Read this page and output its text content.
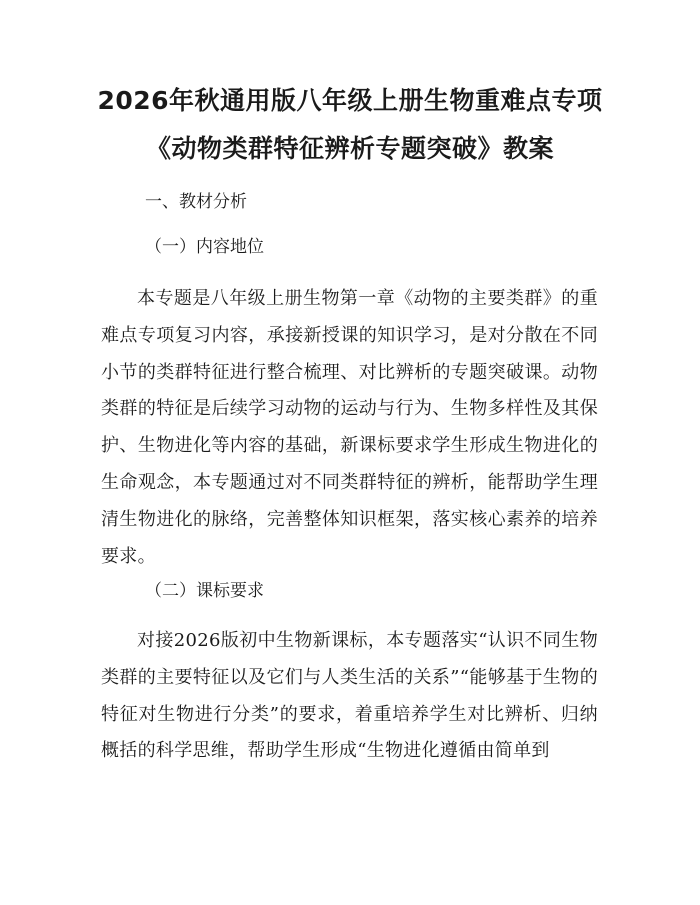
2026年秋通用版八年级上册生物重难点专项
《动物类群特征辨析专题突破》教案
一、教材分析
（一）内容地位
本专题是八年级上册生物第一章《动物的主要类群》的重难点专项复习内容，承接新授课的知识学习，是对分散在不同小节的类群特征进行整合梳理、对比辨析的专题突破课。动物类群的特征是后续学习动物的运动与行为、生物多样性及其保护、生物进化等内容的基础，新课标要求学生形成生物进化的生命观念，本专题通过对不同类群特征的辨析，能帮助学生理清生物进化的脉络，完善整体知识框架，落实核心素养的培养要求。
（二）课标要求
对接2026版初中生物新课标，本专题落实“认识不同生物类群的主要特征以及它们与人类生活的关系”“能够基于生物的特征对生物进行分类”的要求，着重培养学生对比辨析、归纳概括的科学思维，帮助学生形成“生物进化遵循由简单到
